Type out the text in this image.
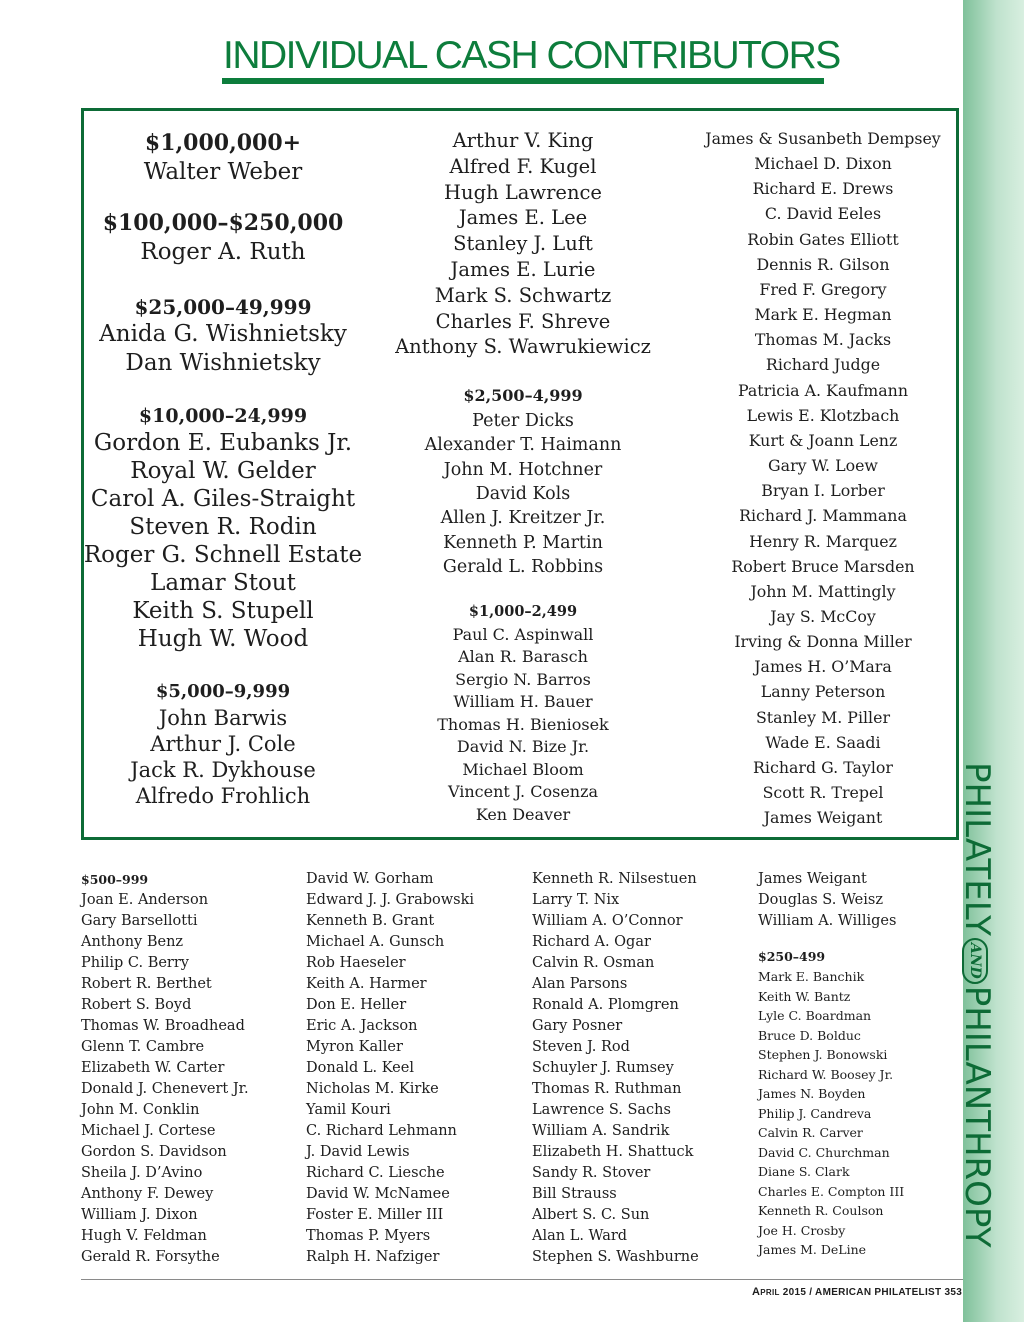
PHILATELYANDPHILANTHROPY
INDIVIDUAL CASH CONTRIBUTORS
$1,000,000+
Walter Weber
$100,000–$250,000
Roger A. Ruth
$25,000–49,999
Anida G. Wishnietsky
Dan Wishnietsky
$10,000–24,999
Gordon E. Eubanks Jr.
Royal W. Gelder
Carol A. Giles-Straight
Steven R. Rodin
Roger G. Schnell Estate
Lamar Stout
Keith S. Stupell
Hugh W. Wood
$5,000–9,999
John Barwis
Arthur J. Cole
Jack R. Dykhouse
Alfredo Frohlich
Arthur V. King
Alfred F. Kugel
Hugh Lawrence
James E. Lee
Stanley J. Luft
James E. Lurie
Mark S. Schwartz
Charles F. Shreve
Anthony S. Wawrukiewicz
$2,500–4,999
Peter Dicks
Alexander T. Haimann
John M. Hotchner
David Kols
Allen J. Kreitzer Jr.
Kenneth P. Martin
Gerald L. Robbins
$1,000–2,499
Paul C. Aspinwall
Alan R. Barasch
Sergio N. Barros
William H. Bauer
Thomas H. Bieniosek
David N. Bize Jr.
Michael Bloom
Vincent J. Cosenza
Ken Deaver
James & Susanbeth Dempsey
Michael D. Dixon
Richard E. Drews
C. David Eeles
Robin Gates Elliott
Dennis R. Gilson
Fred F. Gregory
Mark E. Hegman
Thomas M. Jacks
Richard Judge
Patricia A. Kaufmann
Lewis E. Klotzbach
Kurt & Joann Lenz
Gary W. Loew
Bryan I. Lorber
Richard J. Mammana
Henry R. Marquez
Robert Bruce Marsden
John M. Mattingly
Jay S. McCoy
Irving & Donna Miller
James H. O’Mara
Lanny Peterson
Stanley M. Piller
Wade E. Saadi
Richard G. Taylor
Scott R. Trepel
James Weigant
$500–999
Joan E. Anderson
Gary Barsellotti
Anthony Benz
Philip C. Berry
Robert R. Berthet
Robert S. Boyd
Thomas W. Broadhead
Glenn T. Cambre
Elizabeth W. Carter
Donald J. Chenevert Jr.
John M. Conklin
Michael J. Cortese
Gordon S. Davidson
Sheila J. D’Avino
Anthony F. Dewey
William J. Dixon
Hugh V. Feldman
Gerald R. Forsythe
David W. Gorham
Edward J. J. Grabowski
Kenneth B. Grant
Michael A. Gunsch
Rob Haeseler
Keith A. Harmer
Don E. Heller
Eric A. Jackson
Myron Kaller
Donald L. Keel
Nicholas M. Kirke
Yamil Kouri
C. Richard Lehmann
J. David Lewis
Richard C. Liesche
David W. McNamee
Foster E. Miller III
Thomas P. Myers
Ralph H. Nafziger
Kenneth R. Nilsestuen
Larry T. Nix
William A. O’Connor
Richard A. Ogar
Calvin R. Osman
Alan Parsons
Ronald A. Plomgren
Gary Posner
Steven J. Rod
Schuyler J. Rumsey
Thomas R. Ruthman
Lawrence S. Sachs
William A. Sandrik
Elizabeth H. Shattuck
Sandy R. Stover
Bill Strauss
Albert S. C. Sun
Alan L. Ward
Stephen S. Washburne
James Weigant
Douglas S. Weisz
William A. Williges
$250–499
Mark E. Banchik
Keith W. Bantz
Lyle C. Boardman
Bruce D. Bolduc
Stephen J. Bonowski
Richard W. Boosey Jr.
James N. Boyden
Philip J. Candreva
Calvin R. Carver
David C. Churchman
Diane S. Clark
Charles E. Compton III
Kenneth R. Coulson
Joe H. Crosby
James M. DeLine
April 2015 / AMERICAN PHILATELIST 353
